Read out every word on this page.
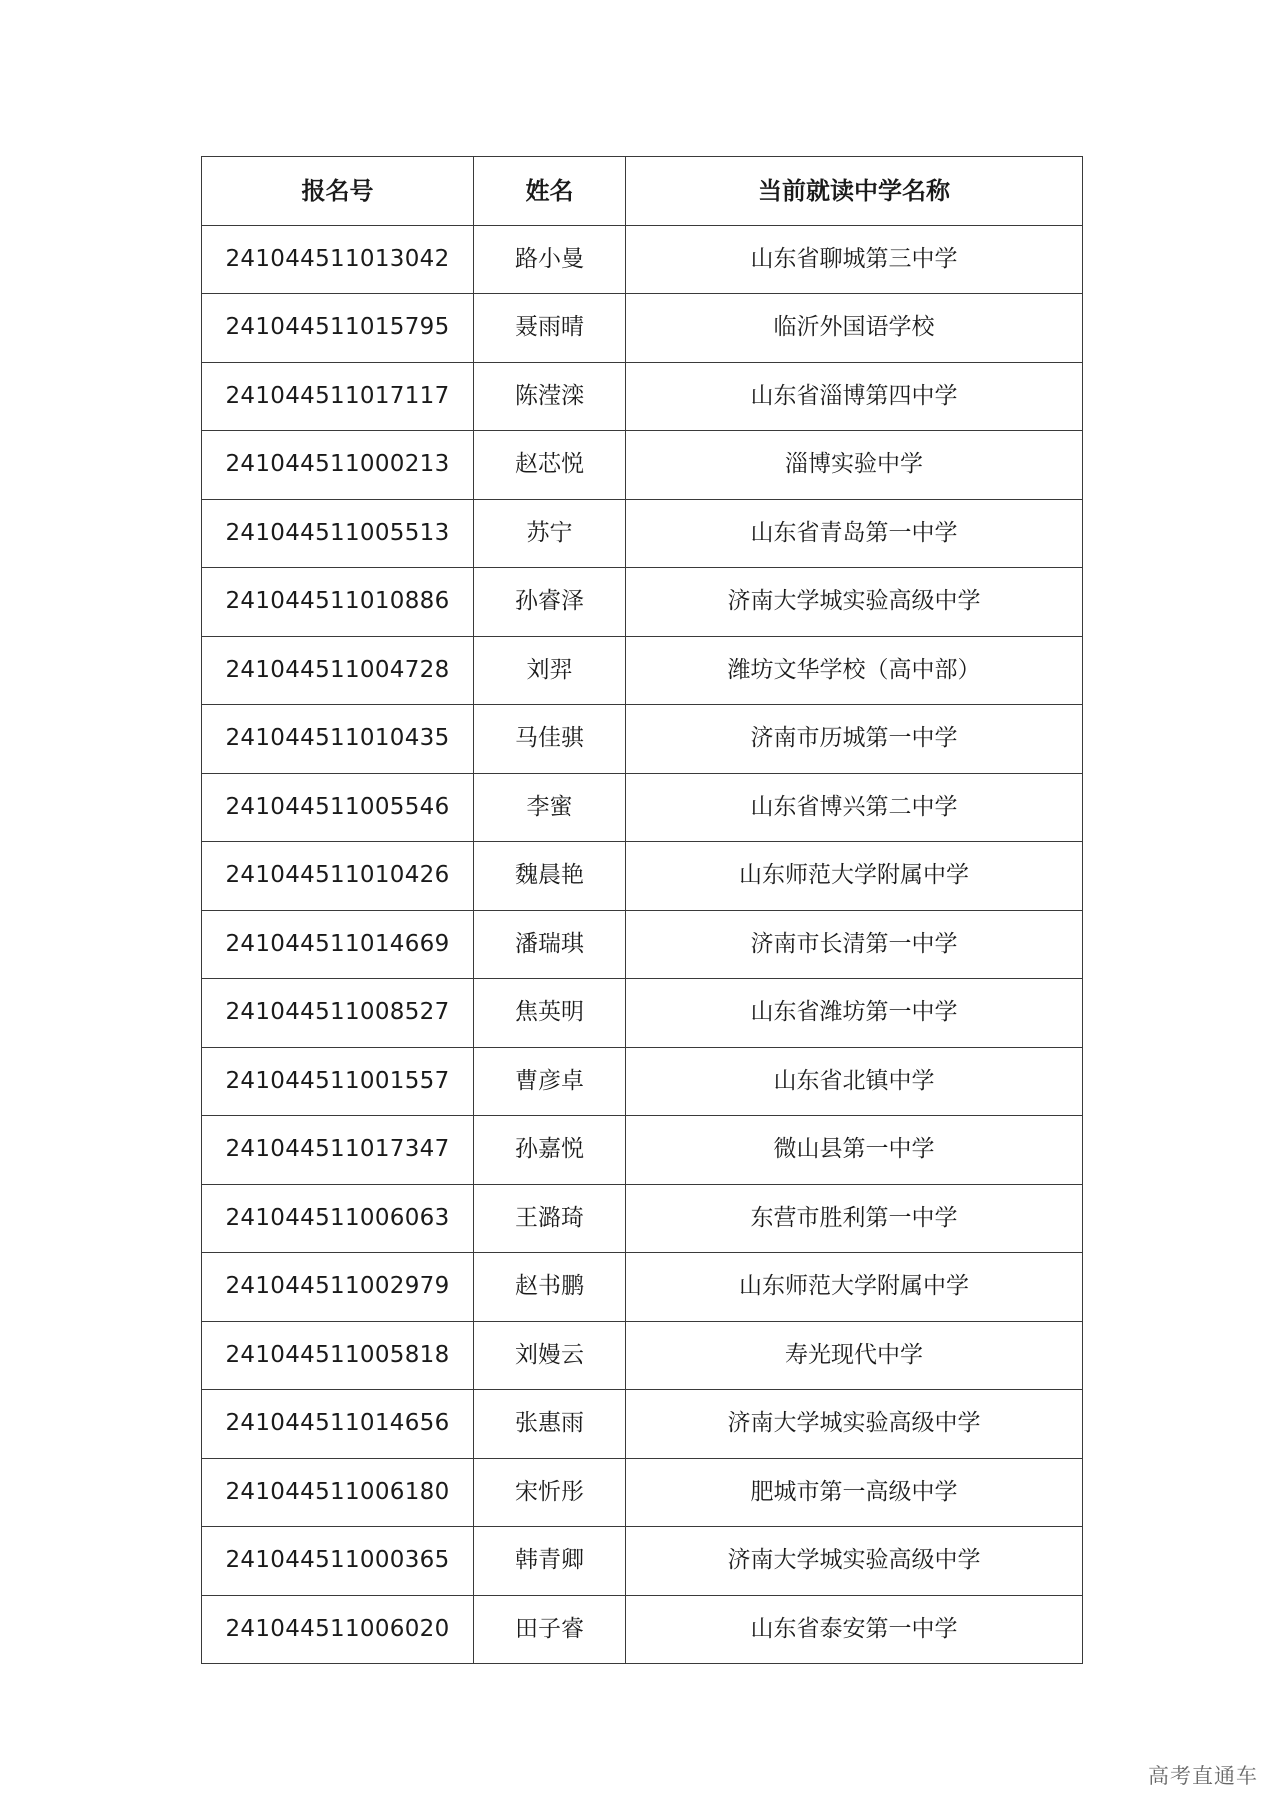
报名号	姓名	当前就读中学名称
241044511013042	路小曼	山东省聊城第三中学
241044511015795	聂雨晴	临沂外国语学校
241044511017117	陈滢滦	山东省淄博第四中学
241044511000213	赵芯悦	淄博实验中学
241044511005513	苏宁	山东省青岛第一中学
241044511010886	孙睿泽	济南大学城实验高级中学
241044511004728	刘羿	潍坊文华学校（高中部）
241044511010435	马佳骐	济南市历城第一中学
241044511005546	李蜜	山东省博兴第二中学
241044511010426	魏晨艳	山东师范大学附属中学
241044511014669	潘瑞琪	济南市长清第一中学
241044511008527	焦英明	山东省潍坊第一中学
241044511001557	曹彦卓	山东省北镇中学
241044511017347	孙嘉悦	微山县第一中学
241044511006063	王潞琦	东营市胜利第一中学
241044511002979	赵书鹏	山东师范大学附属中学
241044511005818	刘嫚云	寿光现代中学
241044511014656	张惠雨	济南大学城实验高级中学
241044511006180	宋忻彤	肥城市第一高级中学
241044511000365	韩青卿	济南大学城实验高级中学
241044511006020	田子睿	山东省泰安第一中学
高考直通车
